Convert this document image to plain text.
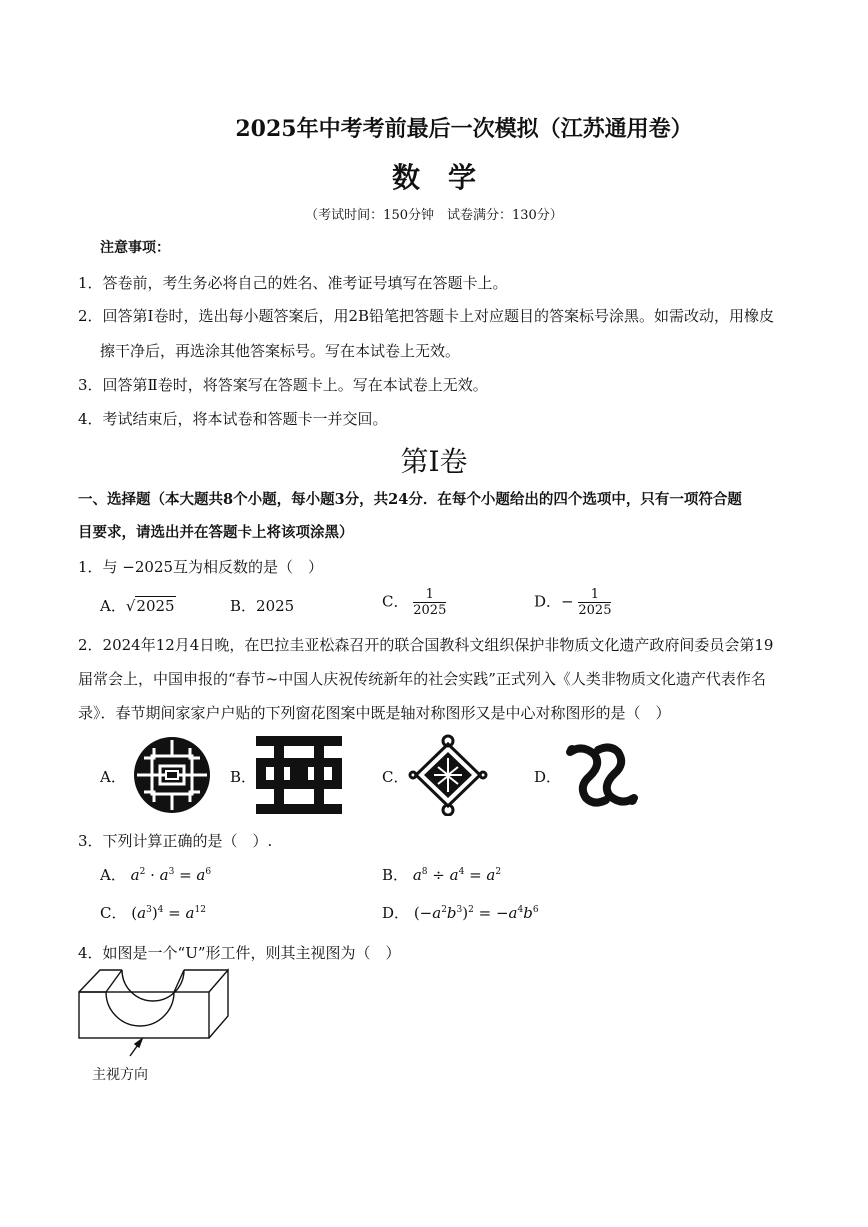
2025年中考考前最后一次模拟（江苏通用卷）
数学
（考试时间：150分钟　试卷满分：130分）
注意事项：
1．答卷前，考生务必将自己的姓名、准考证号填写在答题卡上。
2．回答第Ⅰ卷时，选出每小题答案后，用2B铅笔把答题卡上对应题目的答案标号涂黑。如需改动，用橡皮
擦干净后，再选涂其他答案标号。写在本试卷上无效。
3．回答第Ⅱ卷时，将答案写在答题卡上。写在本试卷上无效。
4．考试结束后，将本试卷和答题卡一并交回。
第Ⅰ卷
一、选择题（本大题共8个小题，每小题3分，共24分．在每个小题给出的四个选项中，只有一项符合题
目要求，请选出并在答题卡上将该项涂黑）
1．与 −2025互为相反数的是（　）
A．√2025	B．2025	C． $\frac{1}{2025}$	D．− $\frac{1}{2025}$
2．2024年12月4日晚，在巴拉圭亚松森召开的联合国教科文组织保护非物质文化遗产政府间委员会第19
届常会上，中国申报的“春节~中国人庆祝传统新年的社会实践”正式列入《人类非物质文化遗产代表作名
录》．春节期间家家户户贴的下列窗花图案中既是轴对称图形又是中心对称图形的是（　）
A．	B．	C．	D．
3．下列计算正确的是（　）.
A． $a^2 \cdot a^3 = a^6$	B． $a^8 \div a^4 = a^2$
C． $(a^3)^4 = a^{12}$	D． $(-a^2b^3)^2 = -a^4b^6$
4．如图是一个“U”形工件，则其主视图为（　）
主视方向
